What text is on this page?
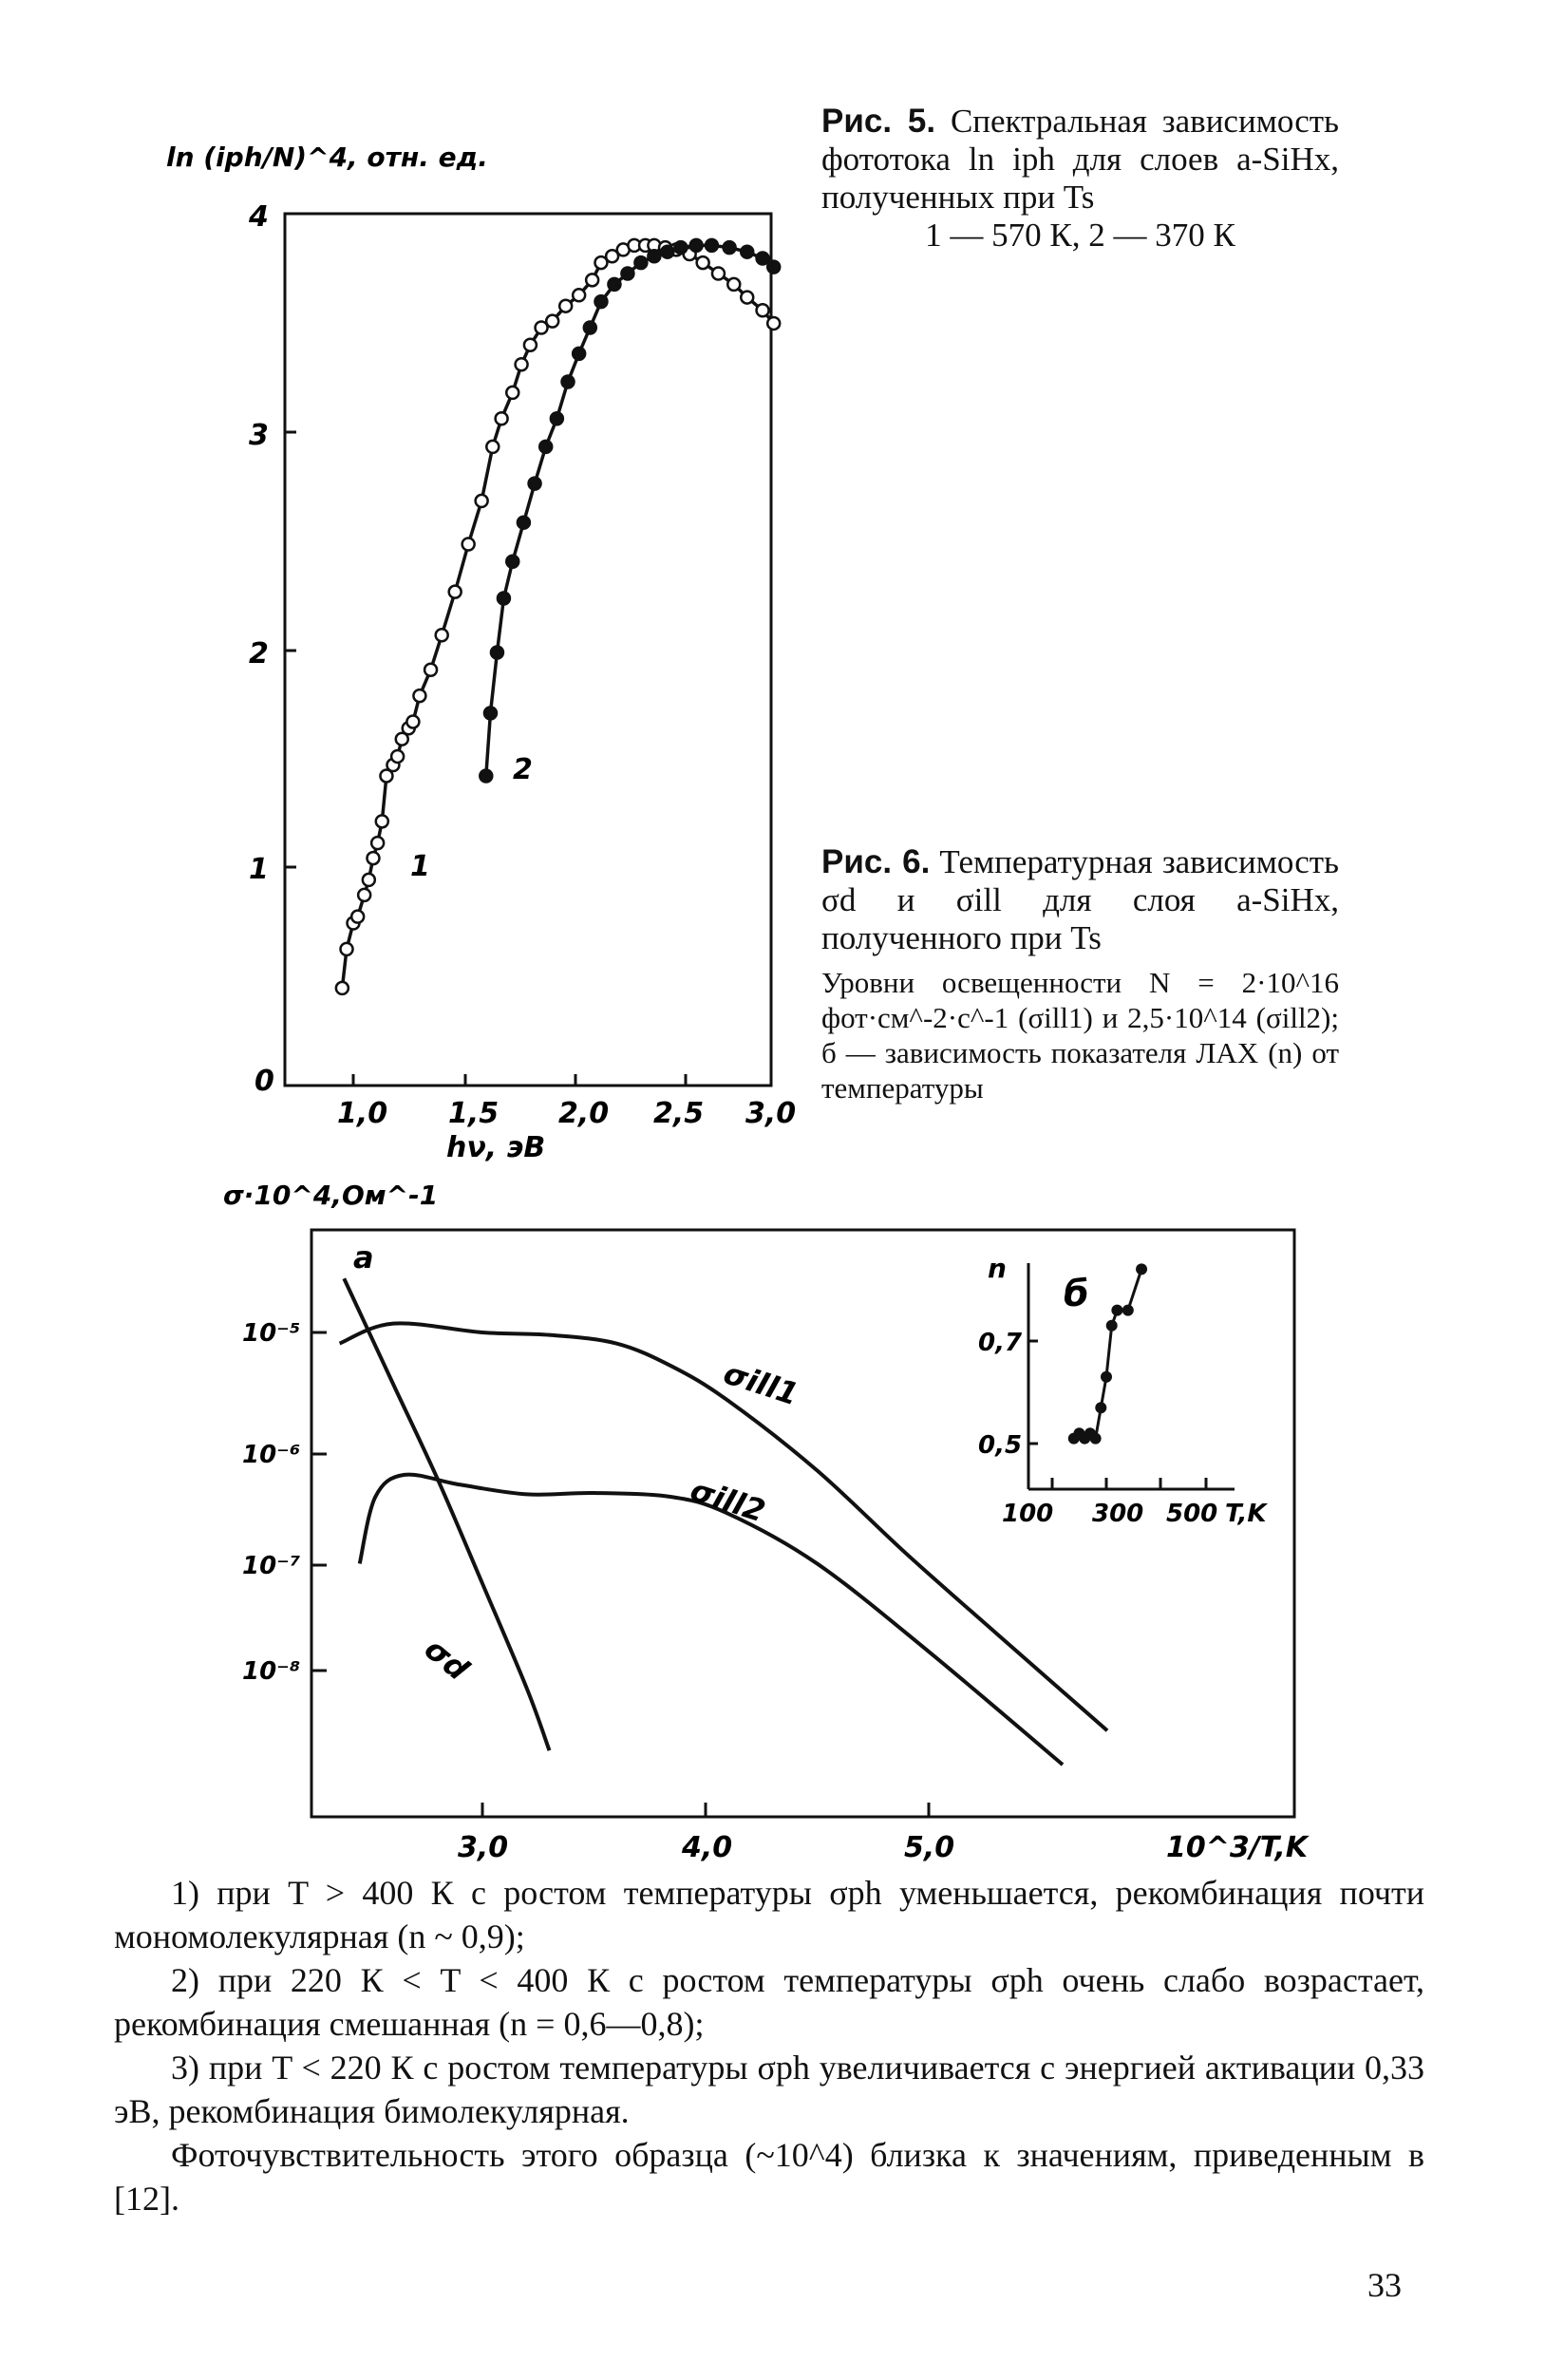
ln (iph/N)^4, отн. ед.
4
3
2
1
0
1,0 1,5 2,0 2,5 3,0
hν, эВ
1
2
Рис. 5. Спектральная зависимость фототока ln iph для слоев a-SiHx, полученных при Ts
1 — 570 К, 2 — 370 К
Рис. 6. Температурная зависимость σd и σill для слоя a-SiHx, полученного при Ts
Уровни освещенности N = 2·10^16 фот·см^-2·с^-1 (σill1) и 2,5·10^14 (σill2); б — зависимость показателя ЛАХ (n) от температуры
σ·10^4,Ом^-1
10⁻⁵
10⁻⁶
10⁻⁷
10⁻⁸
3,0	4,0	5,0	10^3/T,K
а
σill1
σill2
σd
0,7
0,5
100 300 500 T,K
n
б

1) при T > 400 К с ростом температуры σph уменьшается, рекомбинация почти мономолекулярная (n ~ 0,9);

2) при 220 К < T < 400 К с ростом температуры σph очень слабо возрастает, рекомбинация смешанная (n = 0,6—0,8);

3) при T < 220 К с ростом температуры σph увеличивается с энергией активации 0,33 эВ, рекомбинация бимолекулярная.

Фоточувствительность этого образца (~10^4) близка к значениям, приведенным в [12].

33
